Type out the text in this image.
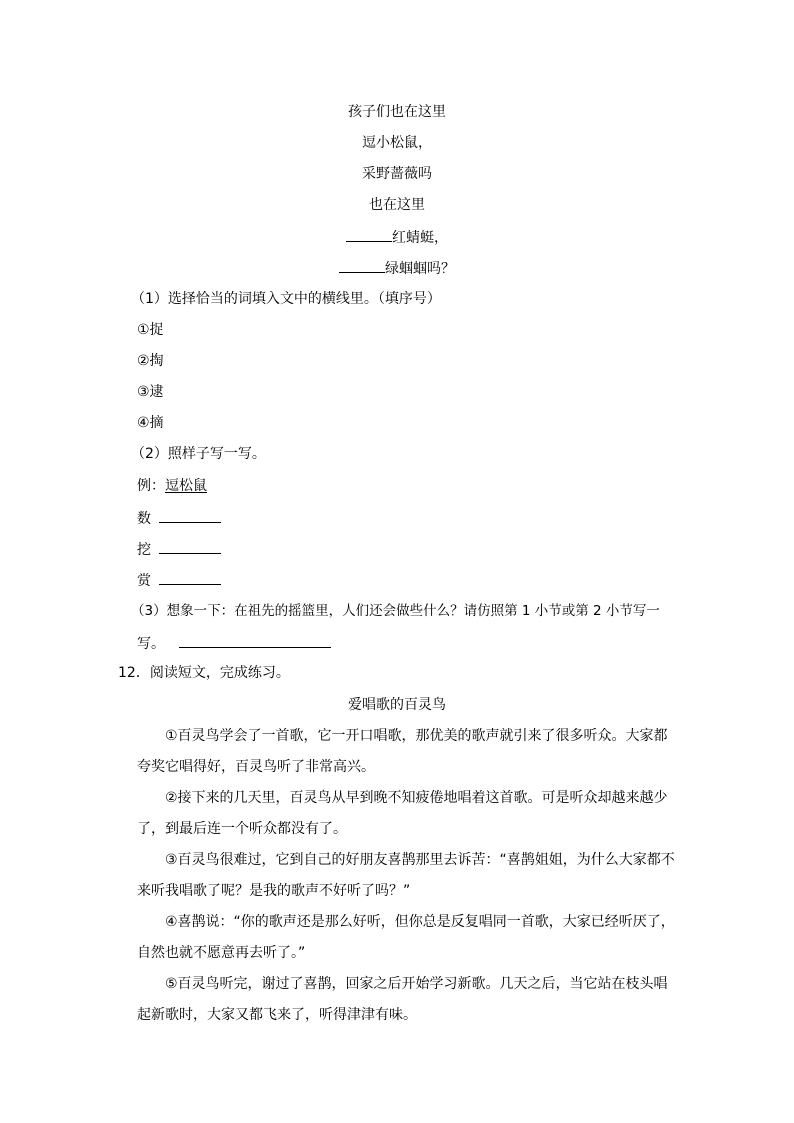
孩子们也在这里
逗小松鼠，
采野蔷薇吗
也在这里
红蜻蜓，
绿蝈蝈吗？
（1）选择恰当的词填入文中的横线里。（填序号）
①捉
②掏
③逮
④摘
（2）照样子写一写。
例：逗松鼠
数
挖
赏
（3）想象一下：在祖先的摇篮里，人们还会做些什么？请仿照第 1 小节或第 2 小节写一
写。
12．阅读短文，完成练习。
爱唱歌的百灵鸟
①百灵鸟学会了一首歌，它一开口唱歌，那优美的歌声就引来了很多听众。大家都夸奖它唱得好，百灵鸟听了非常高兴。
②接下来的几天里，百灵鸟从早到晚不知疲倦地唱着这首歌。可是听众却越来越少了，到最后连一个听众都没有了。
③百灵鸟很难过，它到自己的好朋友喜鹊那里去诉苦：“喜鹊姐姐，为什么大家都不来听我唱歌了呢？是我的歌声不好听了吗？”
④喜鹊说：“你的歌声还是那么好听，但你总是反复唱同一首歌，大家已经听厌了，自然也就不愿意再去听了。”
⑤百灵鸟听完，谢过了喜鹊，回家之后开始学习新歌。几天之后，当它站在枝头唱起新歌时，大家又都飞来了，听得津津有味。
